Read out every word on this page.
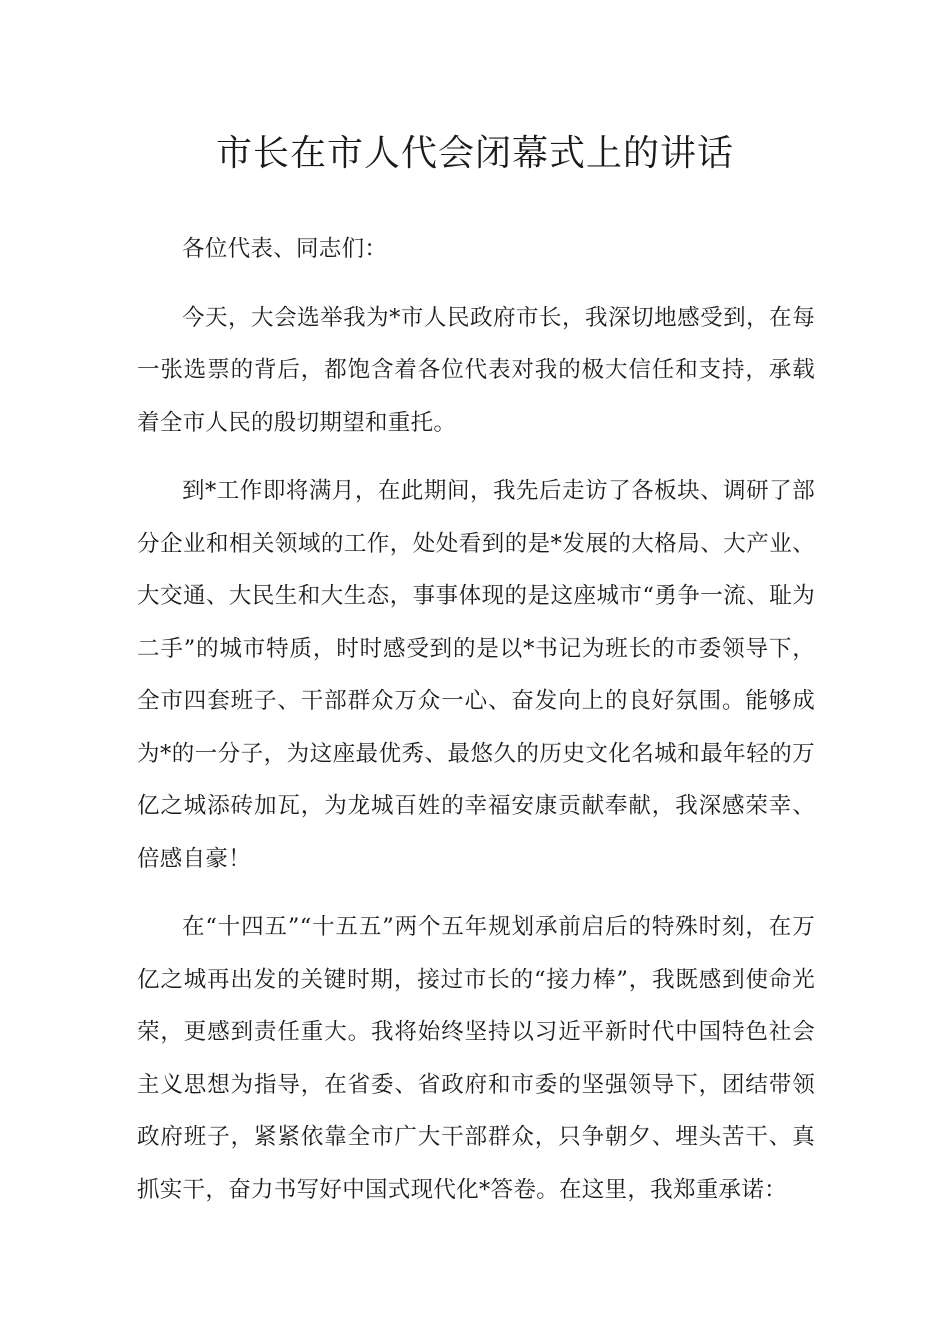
市长在市人代会闭幕式上的讲话

各位代表、同志们：

今天，大会选举我为*市人民政府市长，我深切地感受到，在每一张选票的背后，都饱含着各位代表对我的极大信任和支持，承载着全市人民的殷切期望和重托。

到*工作即将满月，在此期间，我先后走访了各板块、调研了部分企业和相关领域的工作，处处看到的是*发展的大格局、大产业、大交通、大民生和大生态，事事体现的是这座城市“勇争一流、耻为二手”的城市特质，时时感受到的是以*书记为班长的市委领导下，全市四套班子、干部群众万众一心、奋发向上的良好氛围。能够成为*的一分子，为这座最优秀、最悠久的历史文化名城和最年轻的万亿之城添砖加瓦，为龙城百姓的幸福安康贡献奉献，我深感荣幸、倍感自豪！

在“十四五”“十五五”两个五年规划承前启后的特殊时刻，在万亿之城再出发的关键时期，接过市长的“接力棒”，我既感到使命光荣，更感到责任重大。我将始终坚持以习近平新时代中国特色社会主义思想为指导，在省委、省政府和市委的坚强领导下，团结带领政府班子，紧紧依靠全市广大干部群众，只争朝夕、埋头苦干、真抓实干，奋力书写好中国式现代化*答卷。在这里，我郑重承诺：
